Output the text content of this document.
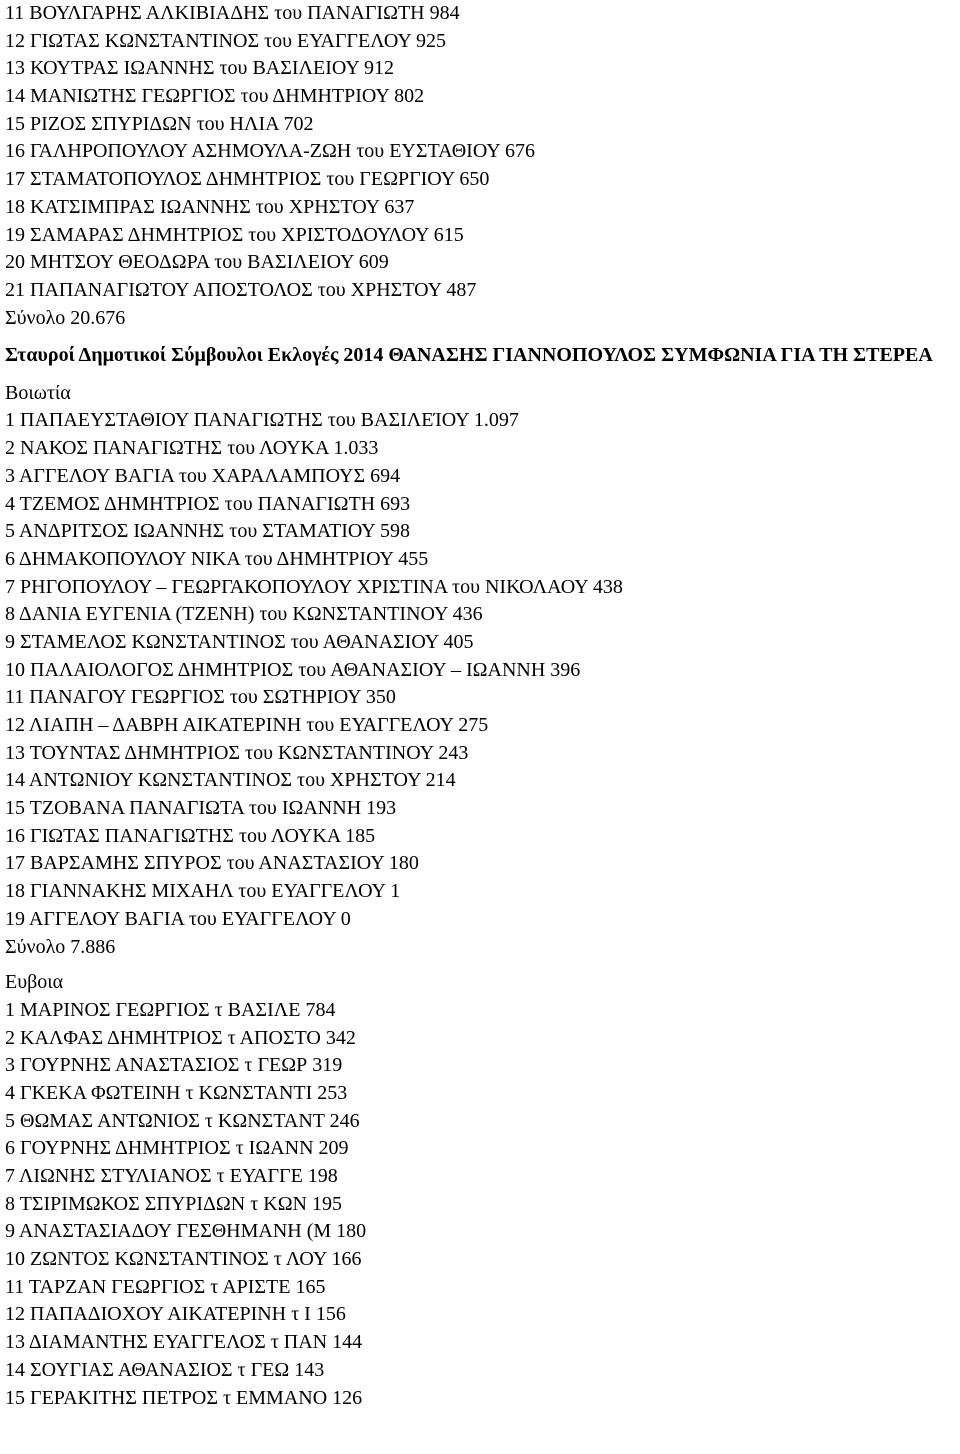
11 ΒΟΥΛΓΑΡΗΣ ΑΛΚΙΒΙΑΔΗΣ του ΠΑΝΑΓΙΩΤΗ 984
12 ΓΙΩΤΑΣ ΚΩΝΣΤΑΝΤΙΝΟΣ του ΕΥΑΓΓΕΛΟΥ 925
13 ΚΟΥΤΡΑΣ ΙΩΑΝΝΗΣ του ΒΑΣΙΛΕΙΟΥ 912
14 ΜΑΝΙΩΤΗΣ ΓΕΩΡΓΙΟΣ του ΔΗΜΗΤΡΙΟΥ 802
15 ΡΙΖΟΣ ΣΠΥΡΙΔΩΝ του ΗΛΙΑ 702
16 ΓΑΛΗΡΟΠΟΥΛΟΥ ΑΣΗΜΟΥΛΑ-ΖΩΗ του ΕΥΣΤΑΘΙΟΥ 676
17 ΣΤΑΜΑΤΟΠΟΥΛΟΣ ΔΗΜΗΤΡΙΟΣ του ΓΕΩΡΓΙΟΥ 650
18 ΚΑΤΣΙΜΠΡΑΣ ΙΩΑΝΝΗΣ του ΧΡΗΣΤΟΥ 637
19 ΣΑΜΑΡΑΣ ΔΗΜΗΤΡΙΟΣ του ΧΡΙΣΤΟΔΟΥΛΟΥ 615
20 ΜΗΤΣΟΥ ΘΕΟΔΩΡΑ του ΒΑΣΙΛΕΙΟΥ 609
21 ΠΑΠΑΝΑΓΙΩΤΟΥ ΑΠΟΣΤΟΛΟΣ του ΧΡΗΣΤΟΥ 487
Σύνολο 20.676
Σταυροί Δημοτικοί Σύμβουλοι Εκλογές 2014 ΘΑΝΑΣΗΣ ΓΙΑΝΝΟΠΟΥΛΟΣ ΣΥΜΦΩΝΙΑ ΓΙΑ ΤΗ ΣΤΕΡΕΑ
Βοιωτία
1 ΠΑΠΑΕΥΣΤΑΘΙΟΥ ΠΑΝΑΓΙΩΤΗΣ του ΒΑΣΙΛΕΊΟΥ 1.097
2 ΝΑΚΟΣ ΠΑΝΑΓΙΩΤΗΣ του ΛΟΥΚΑ 1.033
3 ΑΓΓΕΛΟΥ ΒΑΓΙΑ του ΧΑΡΑΛΑΜΠΟΥΣ 694
4 ΤΖΕΜΟΣ ΔΗΜΗΤΡΙΟΣ του ΠΑΝΑΓΙΩΤΗ 693
5 ΑΝΔΡΙΤΣΟΣ ΙΩΑΝΝΗΣ του ΣΤΑΜΑΤΙΟΥ 598
6 ΔΗΜΑΚΟΠΟΥΛΟΥ ΝΙΚΑ του ΔΗΜΗΤΡΙΟΥ 455
7 ΡΗΓΟΠΟΥΛΟΥ – ΓΕΩΡΓΑΚΟΠΟΥΛΟΥ ΧΡΙΣΤΙΝΑ του ΝΙΚΟΛΑΟΥ 438
8 ΔΑΝΙΑ ΕΥΓΕΝΙΑ (ΤΖΕΝΗ) του ΚΩΝΣΤΑΝΤΙΝΟΥ 436
9 ΣΤΑΜΕΛΟΣ ΚΩΝΣΤΑΝΤΙΝΟΣ του ΑΘΑΝΑΣΙΟΥ 405
10 ΠΑΛΑΙΟΛΟΓΟΣ ΔΗΜΗΤΡΙΟΣ του ΑΘΑΝΑΣΙΟΥ – ΙΩΑΝΝΗ 396
11 ΠΑΝΑΓΟΥ ΓΕΩΡΓΙΟΣ του ΣΩΤΗΡΙΟΥ 350
12 ΛΙΑΠΗ – ΔΑΒΡΗ ΑΙΚΑΤΕΡΙΝΗ του ΕΥΑΓΓΕΛΟΥ 275
13 ΤΟΥΝΤΑΣ ΔΗΜΗΤΡΙΟΣ του ΚΩΝΣΤΑΝΤΙΝΟΥ 243
14 ΑΝΤΩΝΙΟΥ ΚΩΝΣΤΑΝΤΙΝΟΣ του ΧΡΗΣΤΟΥ 214
15 ΤΖΟΒΑΝΑ ΠΑΝΑΓΙΩΤΑ του ΙΩΑΝΝΗ 193
16 ΓΙΩΤΑΣ ΠΑΝΑΓΙΩΤΗΣ του ΛΟΥΚΑ 185
17 ΒΑΡΣΑΜΗΣ ΣΠΥΡΟΣ του ΑΝΑΣΤΑΣΙΟΥ 180
18 ΓΙΑΝΝΑΚΗΣ ΜΙΧΑΗΛ του ΕΥΑΓΓΕΛΟΥ 1
19 ΑΓΓΕΛΟΥ ΒΑΓΙΑ του ΕΥΑΓΓΕΛΟΥ 0
Σύνολο 7.886
Ευβοια
1 ΜΑΡΙΝΟΣ ΓΕΩΡΓΙΟΣ τ ΒΑΣΙΛΕ 784
2 ΚΑΛΦΑΣ ΔΗΜΗΤΡΙΟΣ τ ΑΠΟΣΤΟ 342
3 ΓΟΥΡΝΗΣ ΑΝΑΣΤΑΣΙΟΣ τ ΓΕΩΡ 319
4 ΓΚΕΚΑ ΦΩΤΕΙΝΗ τ ΚΩΝΣΤΑΝΤΙ 253
5 ΘΩΜΑΣ ΑΝΤΩΝΙΟΣ τ ΚΩΝΣΤΑΝΤ 246
6 ΓΟΥΡΝΗΣ ΔΗΜΗΤΡΙΟΣ τ ΙΩΑΝΝ 209
7 ΛΙΩΝΗΣ ΣΤΥΛΙΑΝΟΣ τ ΕΥΑΓΓΕ 198
8 ΤΣΙΡΙΜΩΚΟΣ ΣΠΥΡΙΔΩΝ τ ΚΩΝ 195
9 ΑΝΑΣΤΑΣΙΑΔΟΥ ΓΕΣΘΗΜΑΝΗ (Μ 180
10 ΖΩΝΤΟΣ ΚΩΝΣΤΑΝΤΙΝΟΣ τ ΛΟΥ 166
11 ΤΑΡΖΑΝ ΓΕΩΡΓΙΟΣ τ ΑΡΙΣΤΕ 165
12 ΠΑΠΑΔΙΟΧΟΥ ΑΙΚΑΤΕΡΙΝΗ τ Ι 156
13 ΔΙΑΜΑΝΤΗΣ ΕΥΑΓΓΕΛΟΣ τ ΠΑΝ 144
14 ΣΟΥΓΙΑΣ ΑΘΑΝΑΣΙΟΣ τ ΓΕΩ 143
15 ΓΕΡΑΚΙΤΗΣ ΠΕΤΡΟΣ τ ΕΜΜΑΝΟ 126
